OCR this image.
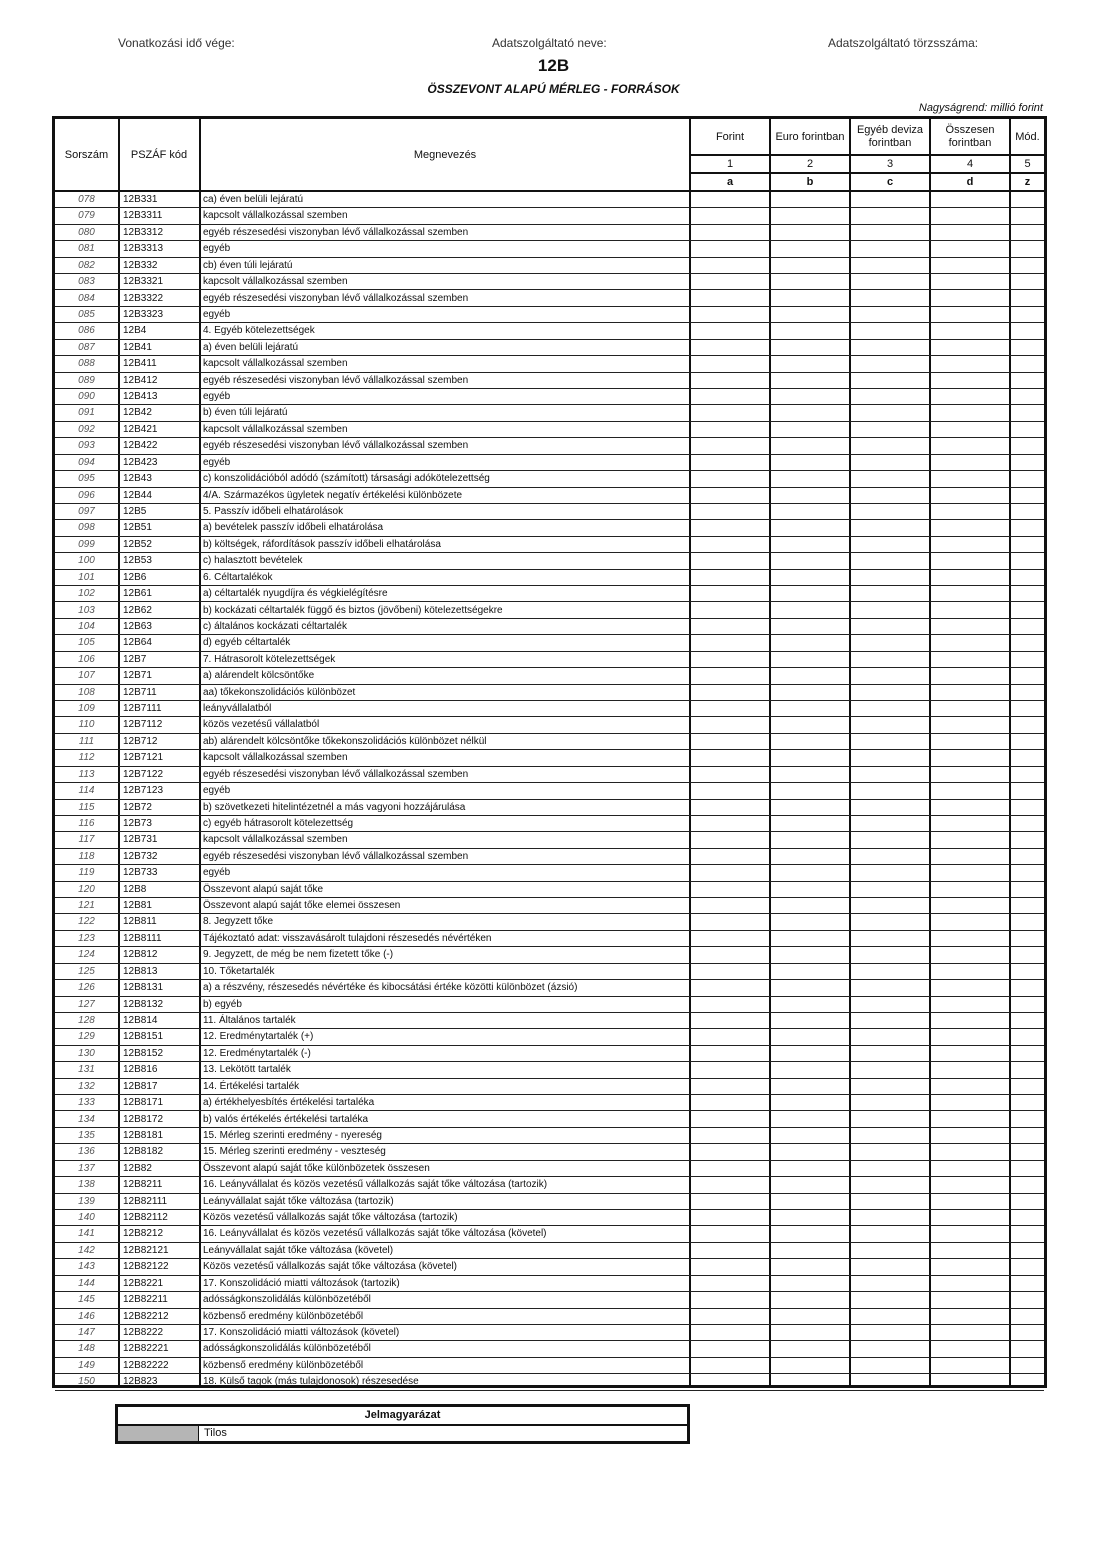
Vonatkozási idő vége:	Adatszolgáltató neve:	Adatszolgáltató törzsszáma:
12B
ÖSSZEVONT ALAPÚ MÉRLEG - FORRÁSOK
Nagyságrend: millió forint
Sorszám	PSZÁF kód	Megnevezés
Forint	Euro forintban
Egyéb deviza forintban
Összesen forintban
Mód.
1	2	3	4	5
a	b	c	d	z
078	12B331	ca) éven belüli lejáratú
079	12B3311	kapcsolt vállalkozással szemben
080	12B3312	egyéb részesedési viszonyban lévő vállalkozással szemben
081	12B3313	egyéb
082	12B332	cb) éven túli lejáratú
083	12B3321	kapcsolt vállalkozással szemben
084	12B3322	egyéb részesedési viszonyban lévő vállalkozással szemben
085	12B3323	egyéb
086	12B4	4. Egyéb kötelezettségek
087	12B41	a) éven belüli lejáratú
088	12B411	kapcsolt vállalkozással szemben
089	12B412	egyéb részesedési viszonyban lévő vállalkozással szemben
090	12B413	egyéb
091	12B42	b) éven túli lejáratú
092	12B421	kapcsolt vállalkozással szemben
093	12B422	egyéb részesedési viszonyban lévő vállalkozással szemben
094	12B423	egyéb
095	12B43	c) konszolidációból adódó (számított) társasági adókötelezettség
096	12B44	4/A. Származékos ügyletek negatív értékelési különbözete
097	12B5	5. Passzív időbeli elhatárolások
098	12B51	a) bevételek passzív időbeli elhatárolása
099	12B52	b) költségek, ráfordítások passzív időbeli elhatárolása
100	12B53	c) halasztott bevételek
101	12B6	6. Céltartalékok
102	12B61	a) céltartalék nyugdíjra és végkielégítésre
103	12B62	b) kockázati céltartalék függő és biztos (jövőbeni) kötelezettségekre
104	12B63	c) általános kockázati céltartalék
105	12B64	d) egyéb céltartalék
106	12B7	7. Hátrasorolt kötelezettségek
107	12B71	a) alárendelt kölcsöntőke
108	12B711	aa) tőkekonszolidációs különbözet
109	12B7111	leányvállalatból
110	12B7112	közös vezetésű vállalatból
111	12B712	ab) alárendelt kölcsöntőke tőkekonszolidációs különbözet nélkül
112	12B7121	kapcsolt vállalkozással szemben
113	12B7122	egyéb részesedési viszonyban lévő vállalkozással szemben
114	12B7123	egyéb
115	12B72	b) szövetkezeti hitelintézetnél a más vagyoni hozzájárulása
116	12B73	c) egyéb hátrasorolt kötelezettség
117	12B731	kapcsolt vállalkozással szemben
118	12B732	egyéb részesedési viszonyban lévő vállalkozással szemben
119	12B733	egyéb
120	12B8	Összevont alapú saját tőke
121	12B81	Összevont alapú saját tőke elemei összesen
122	12B811	8. Jegyzett tőke
123	12B8111	Tájékoztató adat: visszavásárolt tulajdoni részesedés névértéken
124	12B812	9. Jegyzett, de még be nem fizetett tőke (-)
125	12B813	10. Tőketartalék
126	12B8131	a) a részvény, részesedés névértéke és kibocsátási értéke közötti különbözet (ázsió)
127	12B8132	b) egyéb
128	12B814	11. Általános tartalék
129	12B8151	12. Eredménytartalék (+)
130	12B8152	12. Eredménytartalék (-)
131	12B816	13. Lekötött tartalék
132	12B817	14. Értékelési tartalék
133	12B8171	a) értékhelyesbítés értékelési tartaléka
134	12B8172	b) valós értékelés értékelési tartaléka
135	12B8181	15. Mérleg szerinti eredmény - nyereség
136	12B8182	15. Mérleg szerinti eredmény - veszteség
137	12B82	Összevont alapú saját tőke különbözetek összesen
138	12B8211	16. Leányvállalat és közös vezetésű vállalkozás saját tőke változása (tartozik)
139	12B82111	Leányvállalat saját tőke változása (tartozik)
140	12B82112	Közös vezetésű vállalkozás saját tőke változása (tartozik)
141	12B8212	16. Leányvállalat és közös vezetésű vállalkozás saját tőke változása (követel)
142	12B82121	Leányvállalat saját tőke változása (követel)
143	12B82122	Közös vezetésű vállalkozás saját tőke változása (követel)
144	12B8221	17. Konszolidáció miatti változások (tartozik)
145	12B82211	adósságkonszolidálás különbözetéből
146	12B82212	közbenső eredmény különbözetéből
147	12B8222	17. Konszolidáció miatti változások (követel)
148	12B82221	adósságkonszolidálás különbözetéből
149	12B82222	közbenső eredmény különbözetéből
150	12B823	18. Külső tagok (más tulajdonosok) részesedése
Jelmagyarázat
Tilos
